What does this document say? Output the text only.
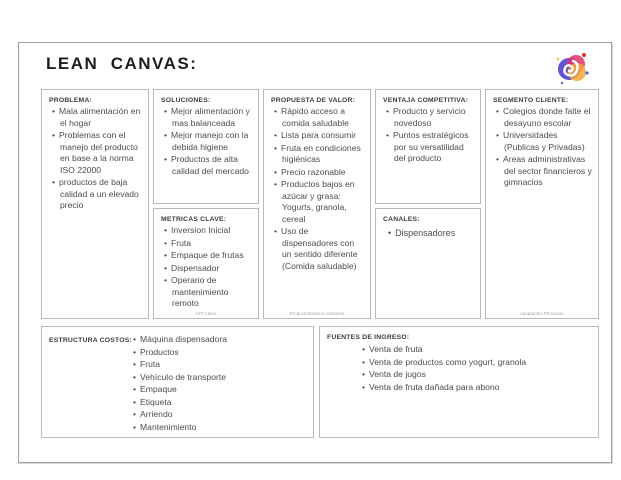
LEAN  CANVAS:
PROBLEMA:
• Mala alimentación en el hogar
• Problemas con el manejo del producto en base a la norma ISO 22000
• productos de baja calidad a un elevado precio
SOLUCIONES:
• Mejor alimentación y mas balanceada
• Mejor manejo con la debida higiene
• Productos de alta calidad del mercado
METRICAS CLAVE:
• Inversion Inicial
• Fruta
• Empaque de frutas
• Dispensador
• Operario de mantenimiento remoto
KPI Clave
PROPUESTA DE VALOR:
• Rápido acceso a comida saludable
• Lista para consumir
• Fruta en condiciones higiénicas
• Precio razonable
• Productos bajos en azúcar y grasa: Yogurts, granola, cereal
• Uso de dispensadores con un sentido diferente (Comida saludable)
Producto/Servicio existente
VENTAJA COMPETITIVA:
• Producto y servicio novedoso
• Puntos estratégicos por su versatilidad del producto
CANALES:
• Dispensadores
SEGMENTO CLIENTE:
• Colegios donde falte el desayuno escolar
• Universidades (Publicas y Privadas)
• Areas administrativas del sector financieros y gimnacios
Adoptantes Primarios:
ESTRUCTURA COSTOS: • Máquina dispensadora
• Productos
• Fruta
• Vehículo de transporte
• Empaque
• Etiqueta
• Arriendo
• Mantenimiento
FUENTES DE INGRESO:
• Venta de fruta
• Venta de productos como yogurt, granola
• Venta de jugos
• Venta de fruta dañada para abono
